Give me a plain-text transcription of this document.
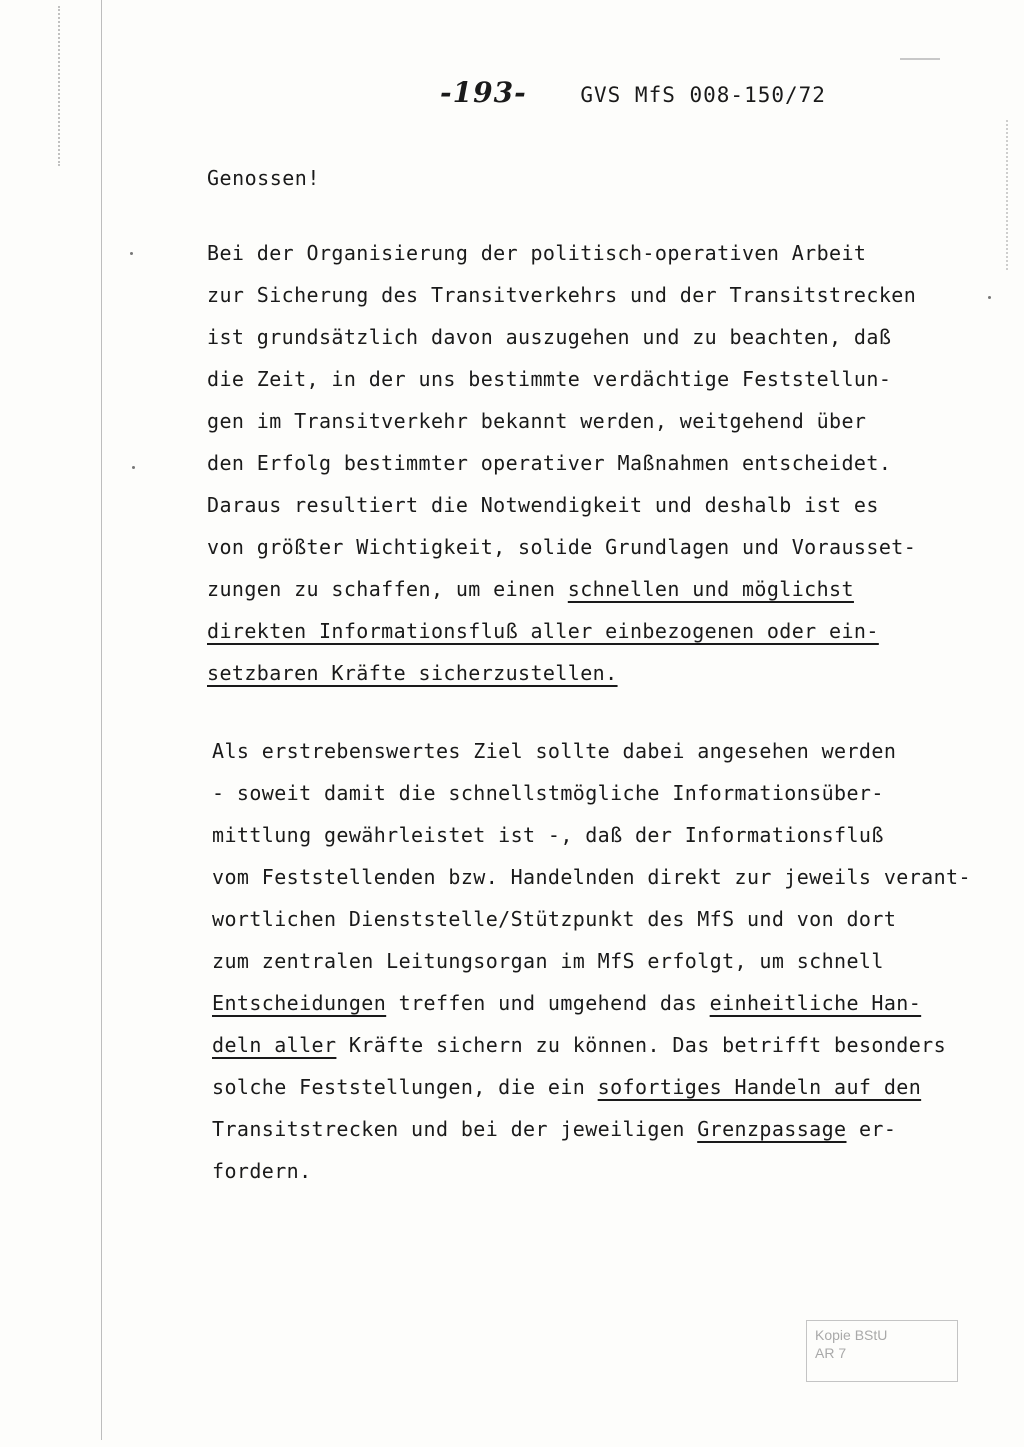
-193-	GVS MfS 008-150/72
Genossen!
Bei der Organisierung der politisch-operativen Arbeit
zur Sicherung des Transitverkehrs und der Transitstrecken
ist grundsätzlich davon auszugehen und zu beachten, daß
die Zeit, in der uns bestimmte verdächtige Feststellun-
gen im Transitverkehr bekannt werden, weitgehend über
den Erfolg bestimmter operativer Maßnahmen entscheidet.
Daraus resultiert die Notwendigkeit und deshalb ist es
von größter Wichtigkeit, solide Grundlagen und Vorausset-
zungen zu schaffen, um einen schnellen und möglichst
direkten Informationsfluß aller einbezogenen oder ein-
setzbaren Kräfte sicherzustellen.
Als erstrebenswertes Ziel sollte dabei angesehen werden
- soweit damit die schnellstmögliche Informationsüber-
mittlung gewährleistet ist -, daß der Informationsfluß
vom Feststellenden bzw. Handelnden direkt zur jeweils verant-
wortlichen Dienststelle/Stützpunkt des MfS und von dort
zum zentralen Leitungsorgan im MfS erfolgt, um schnell
Entscheidungen treffen und umgehend das einheitliche Han-
deln aller Kräfte sichern zu können. Das betrifft besonders
solche Feststellungen, die ein sofortiges Handeln auf den
Transitstrecken und bei der jeweiligen Grenzpassage er-
fordern.
Kopie BStU
AR 7
